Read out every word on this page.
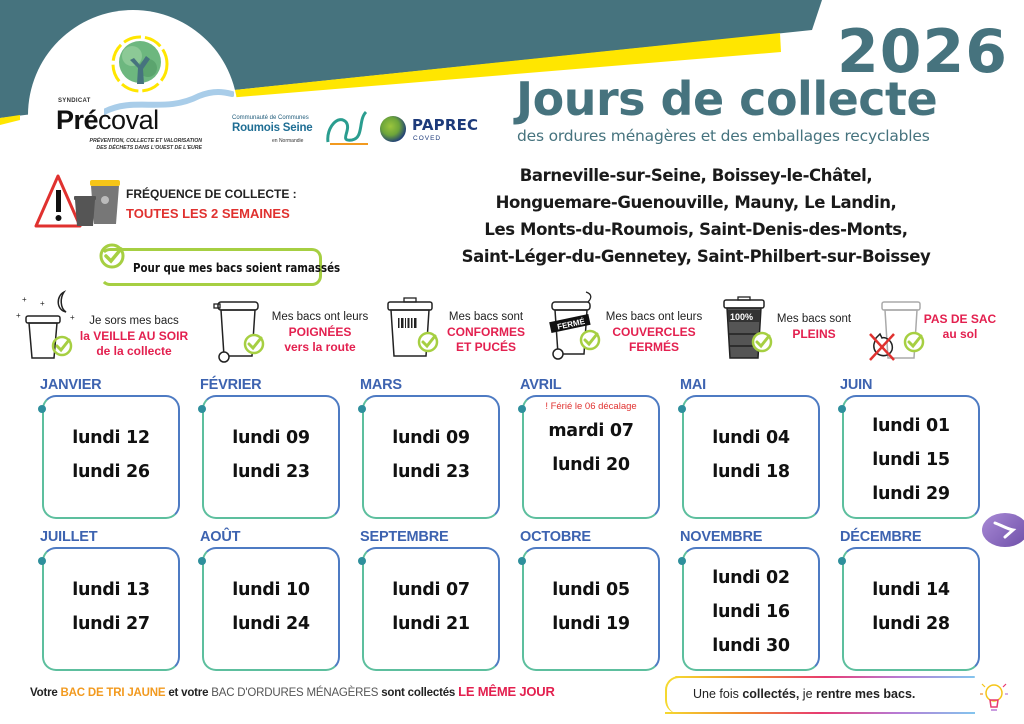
SYNDICAT
Précoval
PRÉVENTION, COLLECTE ET VALORISATION
DES DÉCHETS DANS L'OUEST DE L'EURE
Communauté de Communes
Roumois Seine
en Normandie
PAPREC
COVED
2026
Jours de collecte
des ordures ménagères et des emballages recyclables
FRÉQUENCE DE COLLECTE :
TOUTES LES 2 SEMAINES
Pour que mes bacs soient ramassés
Barneville-sur-Seine, Boissey-le-Châtel,
Honguemare-Guenouville, Mauny, Le Landin,
Les Monts-du-Roumois, Saint-Denis-des-Monts,
Saint-Léger-du-Gennetey, Saint-Philbert-sur-Boissey
+ +
+	+	Je sors mes bacs
la VEILLE AU SOIR
de la collecte
Mes bacs ont leurs
POIGNÉES
vers la route
Mes bacs sont
CONFORMES
ET PUCÉS
FERMÉ	Mes bacs ont leurs
COUVERCLES
FERMÉS
100%	Mes bacs sont
PLEINS
PAS DE SAC
au sol
JANVIER
lundi 12
lundi 26
FÉVRIER
lundi 09
lundi 23
MARS
lundi 09
lundi 23
AVRIL
! Férié le 06 décalage
mardi 07
lundi 20
MAI
lundi 04
lundi 18
JUIN
lundi 01
lundi 15
lundi 29
JUILLET
lundi 13
lundi 27
AOÛT
lundi 10
lundi 24
SEPTEMBRE
lundi 07
lundi 21
OCTOBRE
lundi 05
lundi 19
NOVEMBRE
lundi 02
lundi 16
lundi 30
DÉCEMBRE
lundi 14
lundi 28
Votre BAC DE TRI JAUNE et votre BAC D'ORDURES MÉNAGÈRES sont collectés LE MÊME JOUR	Une fois collectés, je rentre mes bacs.
